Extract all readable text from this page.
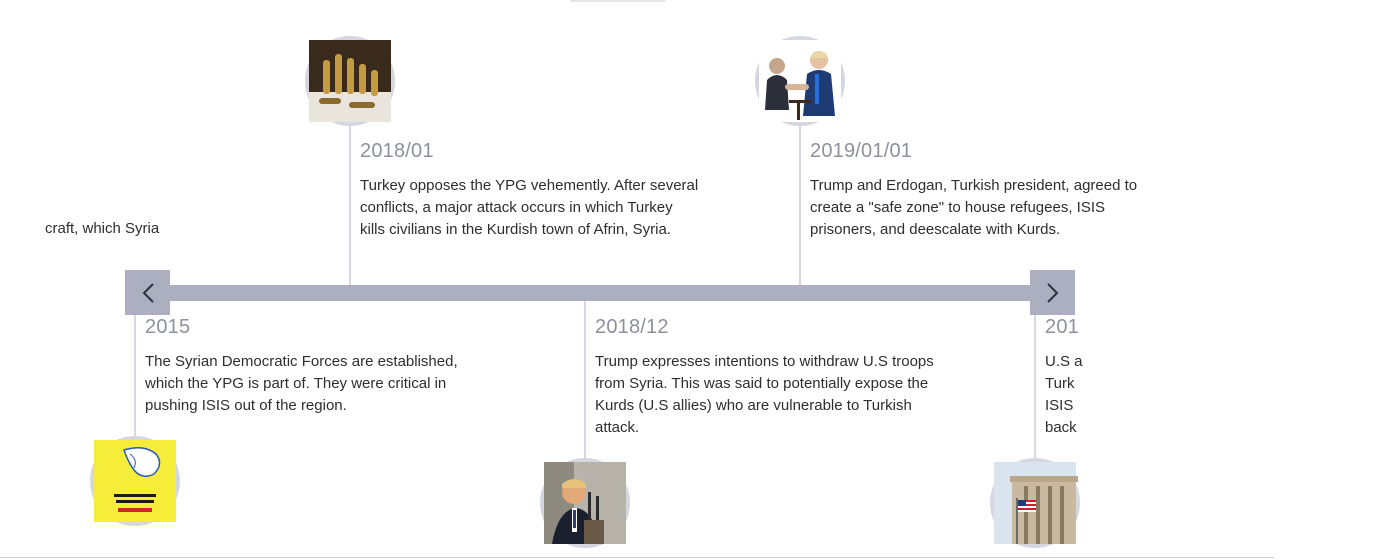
craft, which Syria

2018/01

Turkey opposes the YPG vehemently. After several conflicts, a major attack occurs in which Turkey kills civilians in the Kurdish town of Afrin, Syria.

2019/01/01

Trump and Erdogan, Turkish president, agreed to create a "safe zone" to house refugees, ISIS prisoners, and deescalate with Kurds.

2015

The Syrian Democratic Forces are established, which the YPG is part of. They were critical in pushing ISIS out of the region.

2018/12

Trump expresses intentions to withdraw U.S troops from Syria. This was said to potentially expose the Kurds (U.S allies) who are vulnerable to Turkish attack.

201

U.S a
Turk
ISIS
back
